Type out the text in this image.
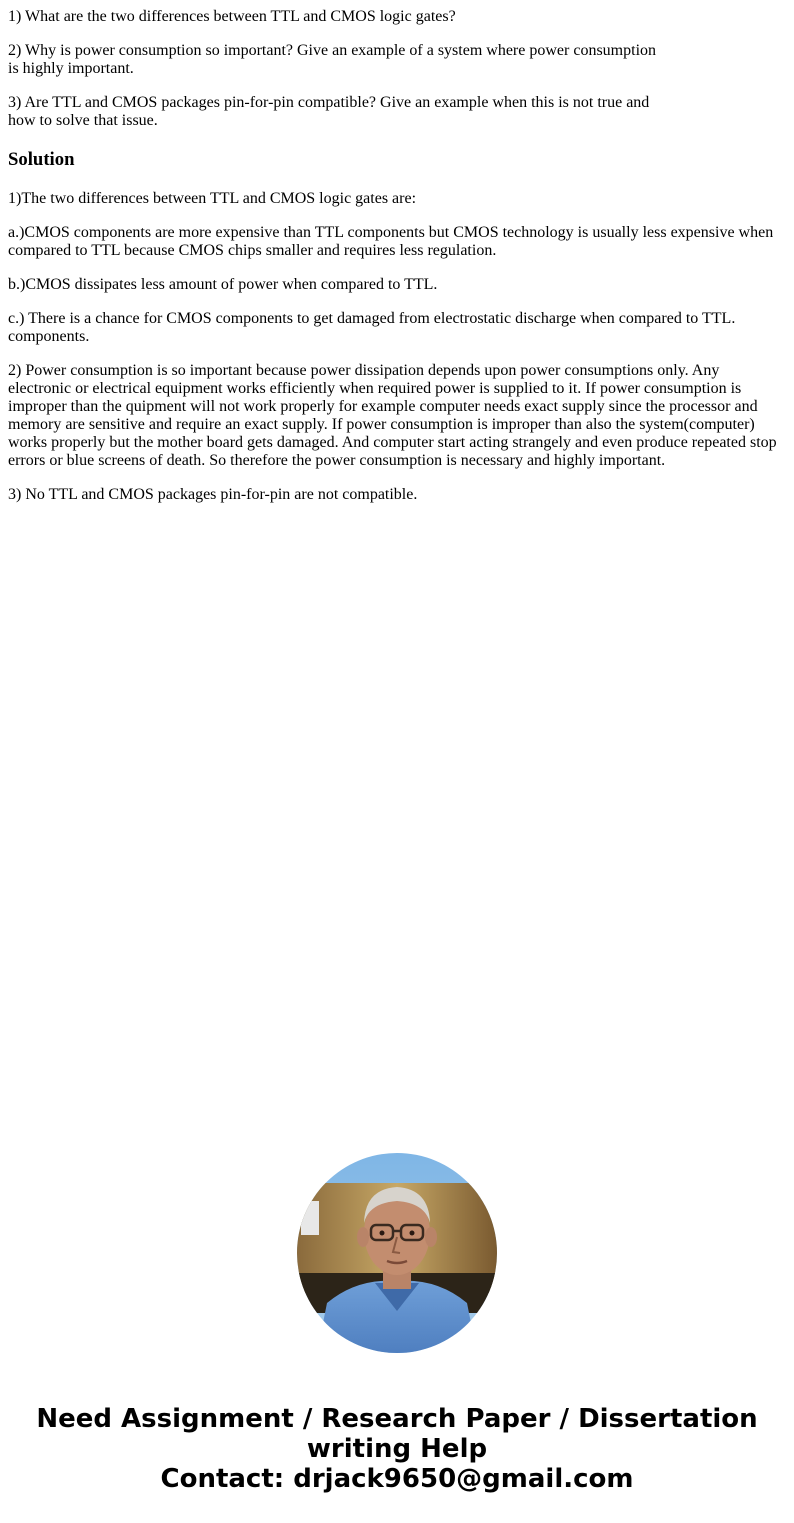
1) What are the two differences between TTL and CMOS logic gates?

2) Why is power consumption so important? Give an example of a system where power consumption is highly important.

3) Are TTL and CMOS packages pin-for-pin compatible? Give an example when this is not true and how to solve that issue.

Solution

1)The two differences between TTL and CMOS logic gates are:

a.)CMOS components are more expensive than TTL components but CMOS technology is usually less expensive when compared to TTL because CMOS chips smaller and requires less regulation.

b.)CMOS dissipates less amount of power when compared to TTL.

c.) There is a chance for CMOS components to get damaged from electrostatic discharge when compared to TTL. components.

2) Power consumption is so important because power dissipation depends upon power consumptions only. Any electronic or electrical equipment works efficiently when required power is supplied to it. If power consumption is improper than the quipment will not work properly for example computer needs exact supply since the processor and memory are sensitive and require an exact supply. If power consumption is improper than also the system(computer) works properly but the mother board gets damaged. And computer start acting strangely and even produce repeated stop errors or blue screens of death. So therefore the power consumption is necessary and highly important.

3) No TTL and CMOS packages pin-for-pin are not compatible.

Need Assignment / Research Paper / Dissertation
writing Help
Contact: drjack9650@gmail.com
